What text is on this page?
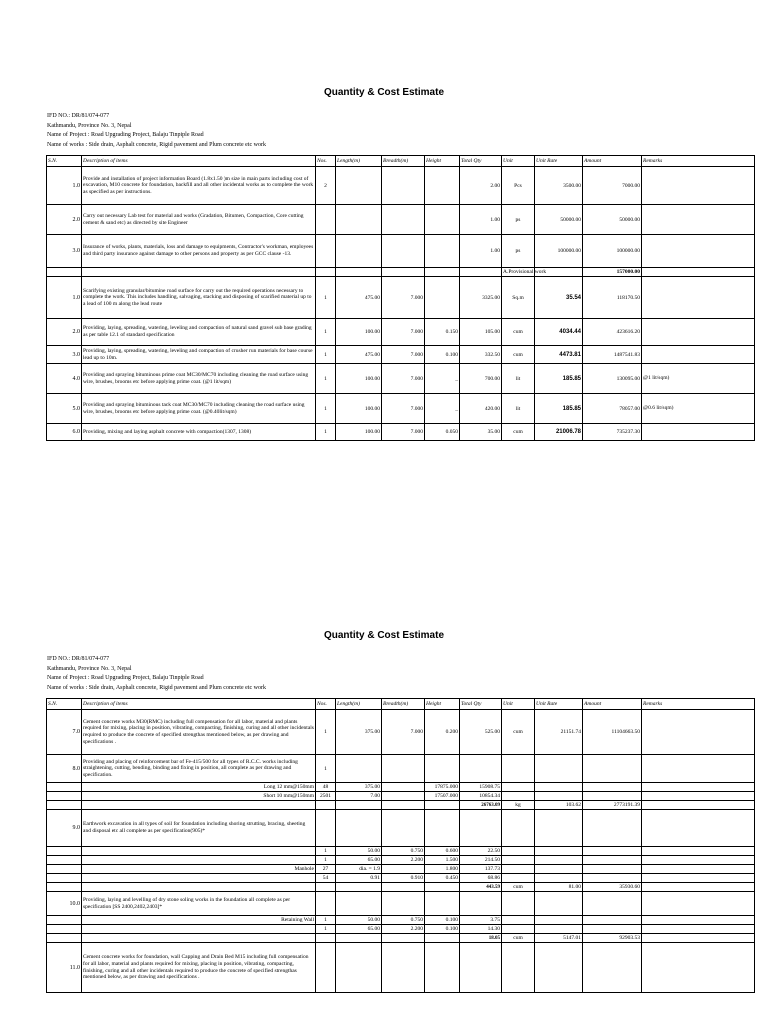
Quantity & Cost Estimate
IFD NO.: DR/81/074-077
Kathmandu, Province No. 3, Nepal
Name of Project : Road Upgrading Project, Balaju Tinpiple Road
Name of works : Side drain, Asphalt concrete, Rigid pavement and Plum concrete etc work
S.N.	Description of items	Nos.	Length(m)	Breadth(m)	Height	Total Qty	Unit	Unit Rate	Amount	Remarks
1.0	Provide and installation of project information Board (1.8x1.50 )m size in main parts including cost of excavation, M10 concrete for foundation, backfill and all other incidental works as to complete the work as specified as per instructions.	2				2.00	Pcs	3500.00	7000.00	
2.0	Carry out necessary Lab test for material and works (Gradation, Bitumen, Compaction, Core cutting cement & sand etc) as directed by site Engineer					1.00	ps	50000.00	50000.00	
3.0	Insurance of works, plants, materials, loss and damage to equipments, Contractor's workman, employees and third party insurance against damage to other persons and property as per GCC clause -13.					1.00	ps	100000.00	100000.00	
							A.Provisional work		157000.00	
1.0	Scarifying existing granular/bitumine road surface for carry out the required operations necessary to complete the work. This includes handling, salvaging, stacking and disposing of scarified material up to a lead of 100 m along the lead route	1	475.00	7.000		3325.00	Sq.m	35.54	118170.50	
2.0	Providing, laying, spreading, watering, leveling and compaction of natural sand gravel sub base grading as per table 12.1 of standard specification	1	100.00	7.000	0.150	105.00	cum	4034.44	423616.20	
3.0	Providing, laying, spreading, watering, leveling and compaction of crusher run materials for base course lead up to 10m.	1	475.00	7.000	0.100	332.50	cum	4473.81	1487541.83	
4.0	Providing and spraying bituminous prime coat MC30/MC70 including cleaning the road surface using wire, brushes, brooms etc before applying prime coat. (@1 lit/sqm)	1	100.00	7.000	_	700.00	lit	185.85	130095.00	@1 lit/sqm)
5.0	Providing and spraying bituminous tack coat MC30/MC70 including cleaning the road surface using wire, brushes, brooms etc before applying prime coat. (@0.40lit/sqm)	1	100.00	7.000	_	420.00	lit	185.85	78057.00	@0.6 lit/sqm)
6.0	Providing, mixing and laying asphalt concrete with compaction(1307, 1308)	1	100.00	7.000	0.050	35.00	cum	21006.78	735237.30	
Quantity & Cost Estimate
IFD NO.: DR/81/074-077
Kathmandu, Province No. 3, Nepal
Name of Project : Road Upgrading Project, Balaju Tinpiple Road
Name of works : Side drain, Asphalt concrete, Rigid pavement and Plum concrete etc work
S.N.	Description of items	Nos.	Length(m)	Breadth(m)	Height	Total Qty	Unit	Unit Rate	Amount	Remarks
7.0	Cement concrete works M30(RMC) including full compensation for all labor, material and plants required for mixing, placing in position, vibrating, compacting, finishing, curing and all other incidentals required to produce the concrete of specified strengthas mentioned below, as per drawing and specifications .	1	375.00	7.000	0.200	525.00	cum	21151.74	11104663.50	
8.0	Providing and placing of reinforcement bar of Fe-415/500 for all types of R.C.C. works including straightening, cutting, bending, binding and fixing in position, all complete as per drawing and specification.	1								
	Long 12 mm@150mm	48	375.00		17875.000	15908.75				
	Short 10 mm@150mm	2501	7.00		17507.000	10854.34				
						26763.09	kg	103.62	2773191.39	
9.0	Earthwork excavation in all types of soil for foundation including shoring strutting, bracing, sheeting and disposal etc all complete as per specification(905)*									
		1	50.00	0.750	0.600	22.50				
		1	65.00	2.200	1.500	214.50				
	Manhole	27	dia. = 1.9		1.800	137.73				
		54	0.91	0.910	0.450	68.86				
						443.59	cum	81.00	35930.60	
10.0	Providing, laying and levelling of dry stone soling works in the foundation all complete as per specification [SS 2400,2402,2403]*									
	Retaining Wall	1	50.00	0.750	0.100	3.75				
		1	65.00	2.200	0.100	14.30				
						18.05	cum	5147.01	92903.53	
11.0	Cement concrete works for foundation, wall Capping and Drain Bed M15 including full compensation for all labor, material and plants required for mixing, placing in position, vibrating, compacting, finishing, curing and all other incidentals required to produce the concrete of specified strengthas mentioned below, as per drawing and specifications .									
